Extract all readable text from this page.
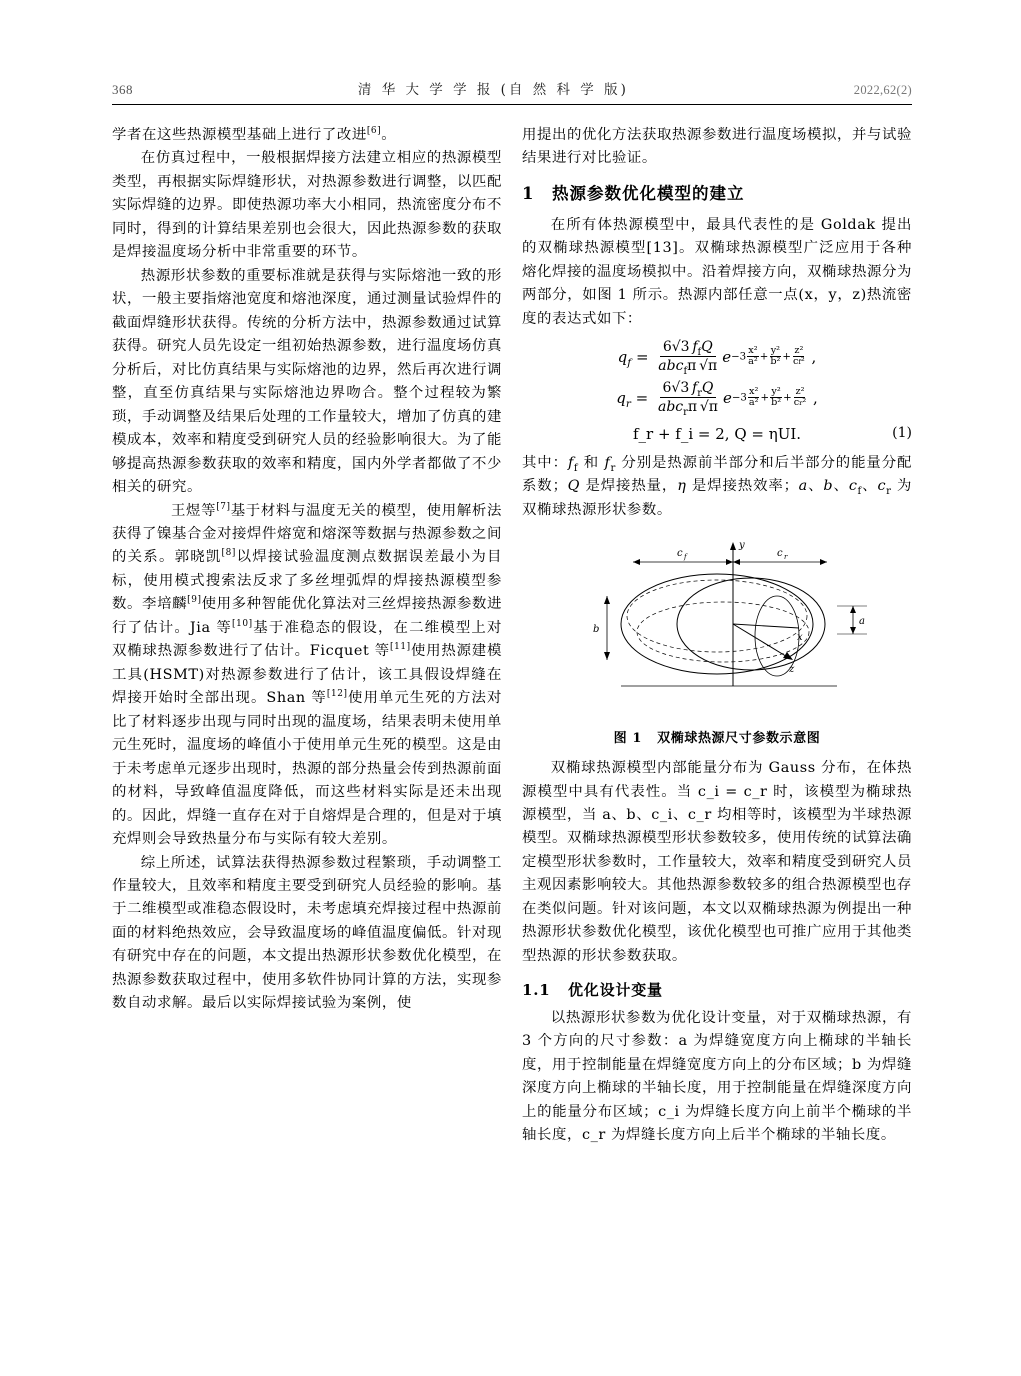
368	清 华 大 学 学 报 (自 然 科 学 版)	2022,62(2)

学者在这些热源模型基础上进行了改进[6]。

在仿真过程中，一般根据焊接方法建立相应的热源模型类型，再根据实际焊缝形状，对热源参数进行调整，以匹配实际焊缝的边界。即使热源功率大小相同，热流密度分布不同时，得到的计算结果差别也会很大，因此热源参数的获取是焊接温度场分析中非常重要的环节。

热源形状参数的重要标准就是获得与实际熔池一致的形状，一般主要指熔池宽度和熔池深度，通过测量试验焊件的截面焊缝形状获得。传统的分析方法中，热源参数通过试算获得。研究人员先设定一组初始热源参数，进行温度场仿真分析后，对比仿真结果与实际熔池的边界，然后再次进行调整，直至仿真结果与实际熔池边界吻合。整个过程较为繁琐，手动调整及结果后处理的工作量较大，增加了仿真的建模成本，效率和精度受到研究人员的经验影响很大。为了能够提高热源参数获取的效率和精度，国内外学者都做了不少相关的研究。

　　王煜等[7]基于材料与温度无关的模型，使用解析法获得了镍基合金对接焊件熔宽和熔深等数据与热源参数之间的关系。郭晓凯[8]以焊接试验温度测点数据误差最小为目标，使用模式搜索法反求了多丝埋弧焊的焊接热源模型参数。李培麟[9]使用多种智能优化算法对三丝焊接热源参数进行了估计。Jia 等[10]基于准稳态的假设，在二维模型上对双椭球热源参数进行了估计。Ficquet 等[11]使用热源建模工具(HSMT)对热源参数进行了估计，该工具假设焊缝在焊接开始时全部出现。Shan 等[12]使用单元生死的方法对比了材料逐步出现与同时出现的温度场，结果表明未使用单元生死时，温度场的峰值小于使用单元生死的模型。这是由于未考虑单元逐步出现时，热源的部分热量会传到热源前面的材料，导致峰值温度降低，而这些材料实际是还未出现的。因此，焊缝一直存在对于自熔焊是合理的，但是对于填充焊则会导致热量分布与实际有较大差别。

综上所述，试算法获得热源参数过程繁琐，手动调整工作量较大，且效率和精度主要受到研究人员经验的影响。基于二维模型或准稳态假设时，未考虑填充焊接过程中热源前面的材料绝热效应，会导致温度场的峰值温度偏低。针对现有研究中存在的问题，本文提出热源形状参数优化模型，在热源参数获取过程中，使用多软件协同计算的方法，实现参数自动求解。最后以实际焊接试验为案例，使

用提出的优化方法获取热源参数进行温度场模拟，并与试验结果进行对比验证。

1	热源参数优化模型的建立

在所有体热源模型中，最具代表性的是 Goldak 提出的双椭球热源模型[13]。双椭球热源模型广泛应用于各种熔化焊接的温度场模拟中。沿着焊接方向，双椭球热源分为两部分，如图 1 所示。热源内部任意一点(x，y，z)热流密度的表达式如下：

$q_f = \frac{6√3 f_fQ}{abc_f\pi √\pi}$ $e -3 \frac{\text{x²}}{\text{a²}} + \frac{\text{y²}}{\text{b²}} + \frac{\text{z²}}{\text{cf²}}$ ,
$q_r = \frac{6√3 f_rQ}{abc_r\pi √\pi}$ $e -3 \frac{\text{x²}}{\text{a²}} + \frac{\text{y²}}{\text{b²}} + \frac{\text{z²}}{\text{cr²}}$ ,
f_r + f_i = 2, Q = ηUI.	(1)

其中：$f_f$ 和 $f_r$ 分别是热源前半部分和后半部分的能量分配系数；Q 是焊接热量，η 是焊接热效率；a、b、$c_f$、$c_r$ 为双椭球热源形状参数。

y
c f	c r
z
x
a
b
图 1 双椭球热源尺寸参数示意图

双椭球热源模型内部能量分布为 Gauss 分布，在体热源模型中具有代表性。当 c_i = c_r 时，该模型为椭球热源模型，当 a、b、c_i、c_r 均相等时，该模型为半球热源模型。双椭球热源模型形状参数较多，使用传统的试算法确定模型形状参数时，工作量较大，效率和精度受到研究人员主观因素影响较大。其他热源参数较多的组合热源模型也存在类似问题。针对该问题，本文以双椭球热源为例提出一种热源形状参数优化模型，该优化模型也可推广应用于其他类型热源的形状参数获取。

1.1	优化设计变量

以热源形状参数为优化设计变量，对于双椭球热源，有 3 个方向的尺寸参数：a 为焊缝宽度方向上椭球的半轴长度，用于控制能量在焊缝宽度方向上的分布区域；b 为焊缝深度方向上椭球的半轴长度，用于控制能量在焊缝深度方向上的能量分布区域；c_i 为焊缝长度方向上前半个椭球的半轴长度，c_r 为焊缝长度方向上后半个椭球的半轴长度。
